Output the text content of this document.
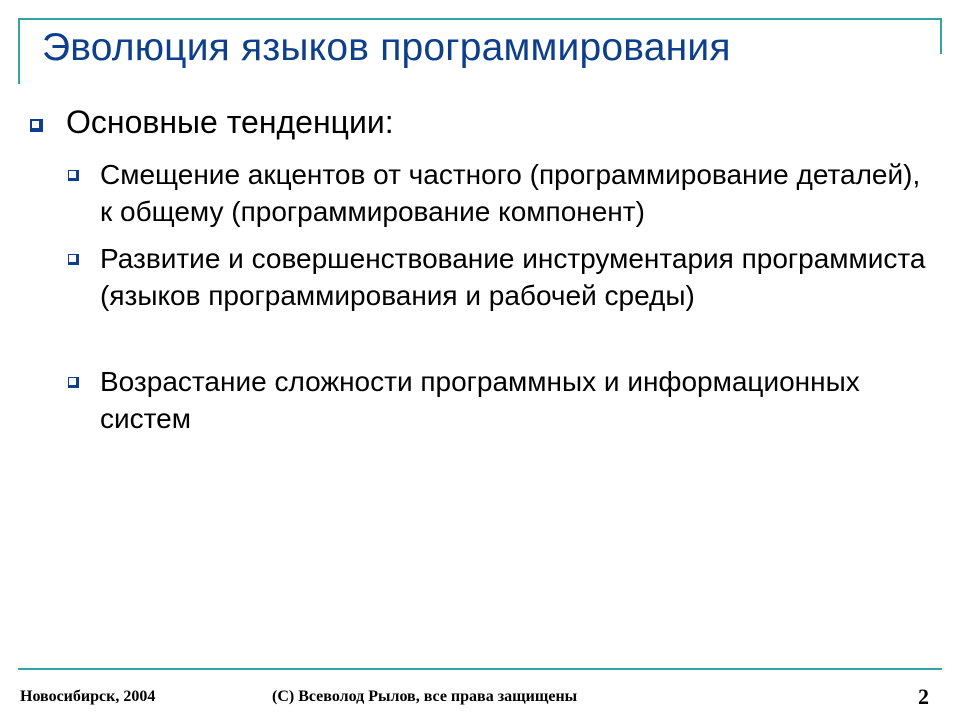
Эволюция языков программирования
Основные тенденции:
Смещение акцентов от частного (программирование деталей), к общему (программирование компонент)
Развитие и совершенствование инструментария программиста (языков программирования и рабочей среды)
Возрастание сложности программных и информационных систем
Новосибирск, 2004	(С) Всеволод Рылов, все права защищены	2
